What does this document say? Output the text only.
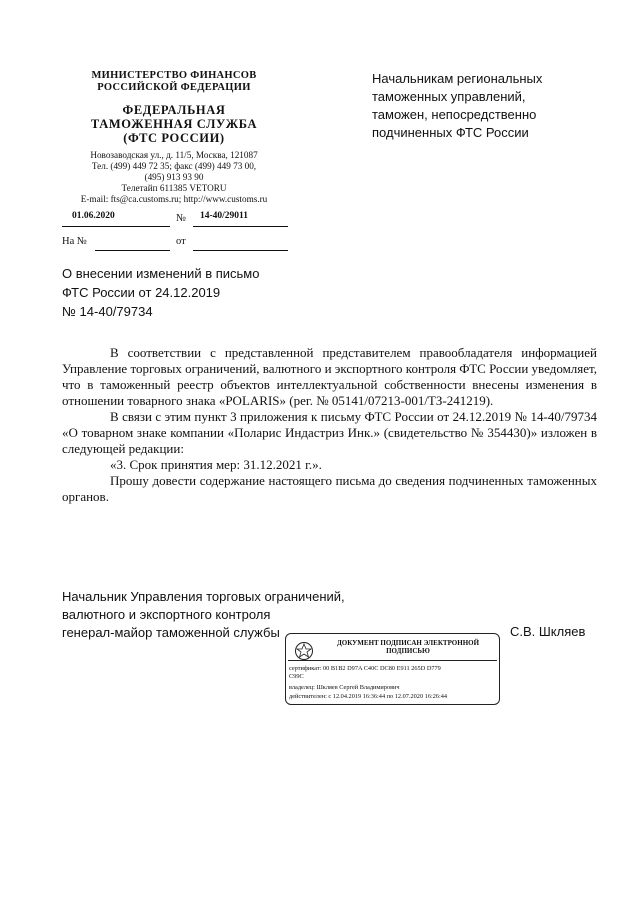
МИНИСТЕРСТВО ФИНАНСОВ
РОССИЙСКОЙ ФЕДЕРАЦИИ
ФЕДЕРАЛЬНАЯ
ТАМОЖЕННАЯ СЛУЖБА
(ФТС РОССИИ)
Новозаводская ул., д. 11/5, Москва, 121087
Тел. (499) 449 72 35; факс (499) 449 73 00,
(495) 913 93 90
Телетайп 611385 VETORU
E-mail: fts@ca.customs.ru; http://www.customs.ru
01.06.2020	№ 14-40/29011
На №	от
Начальникам региональных
таможенных управлений,
таможен, непосредственно
подчиненных ФТС России
О внесении изменений в письмо
ФТС России от 24.12.2019
№ 14-40/79734

В соответствии с представленной представителем правообладателя информацией Управление торговых ограничений, валютного и экспортного контроля ФТС России уведомляет, что в таможенный реестр объектов интеллектуальной собственности внесены изменения в отношении товарного знака «POLARIS» (рег. № 05141/07213-001/ТЗ-241219).

В связи с этим пункт 3 приложения к письму ФТС России от 24.12.2019 № 14-40/79734 «О товарном знаке компании «Поларис Индастриз Инк.» (свидетельство № 354430)» изложен в следующей редакции:

«3. Срок принятия мер: 31.12.2021 г.».

Прошу довести содержание настоящего письма до сведения подчиненных таможенных органов.

Начальник Управления торговых ограничений,
валютного и экспортного контроля
генерал-майор таможенной службы	С.В. Шкляев
ДОКУМЕНТ ПОДПИСАН ЭЛЕКТРОННОЙ
ПОДПИСЬЮ
сертификат: 00 B1B2 D97A C40C DC80 E911 265D D779
C99C
владелец: Шкляев Сергей Владимирович
действителен: с 12.04.2019 16:36:44 по 12.07.2020 16:26:44
